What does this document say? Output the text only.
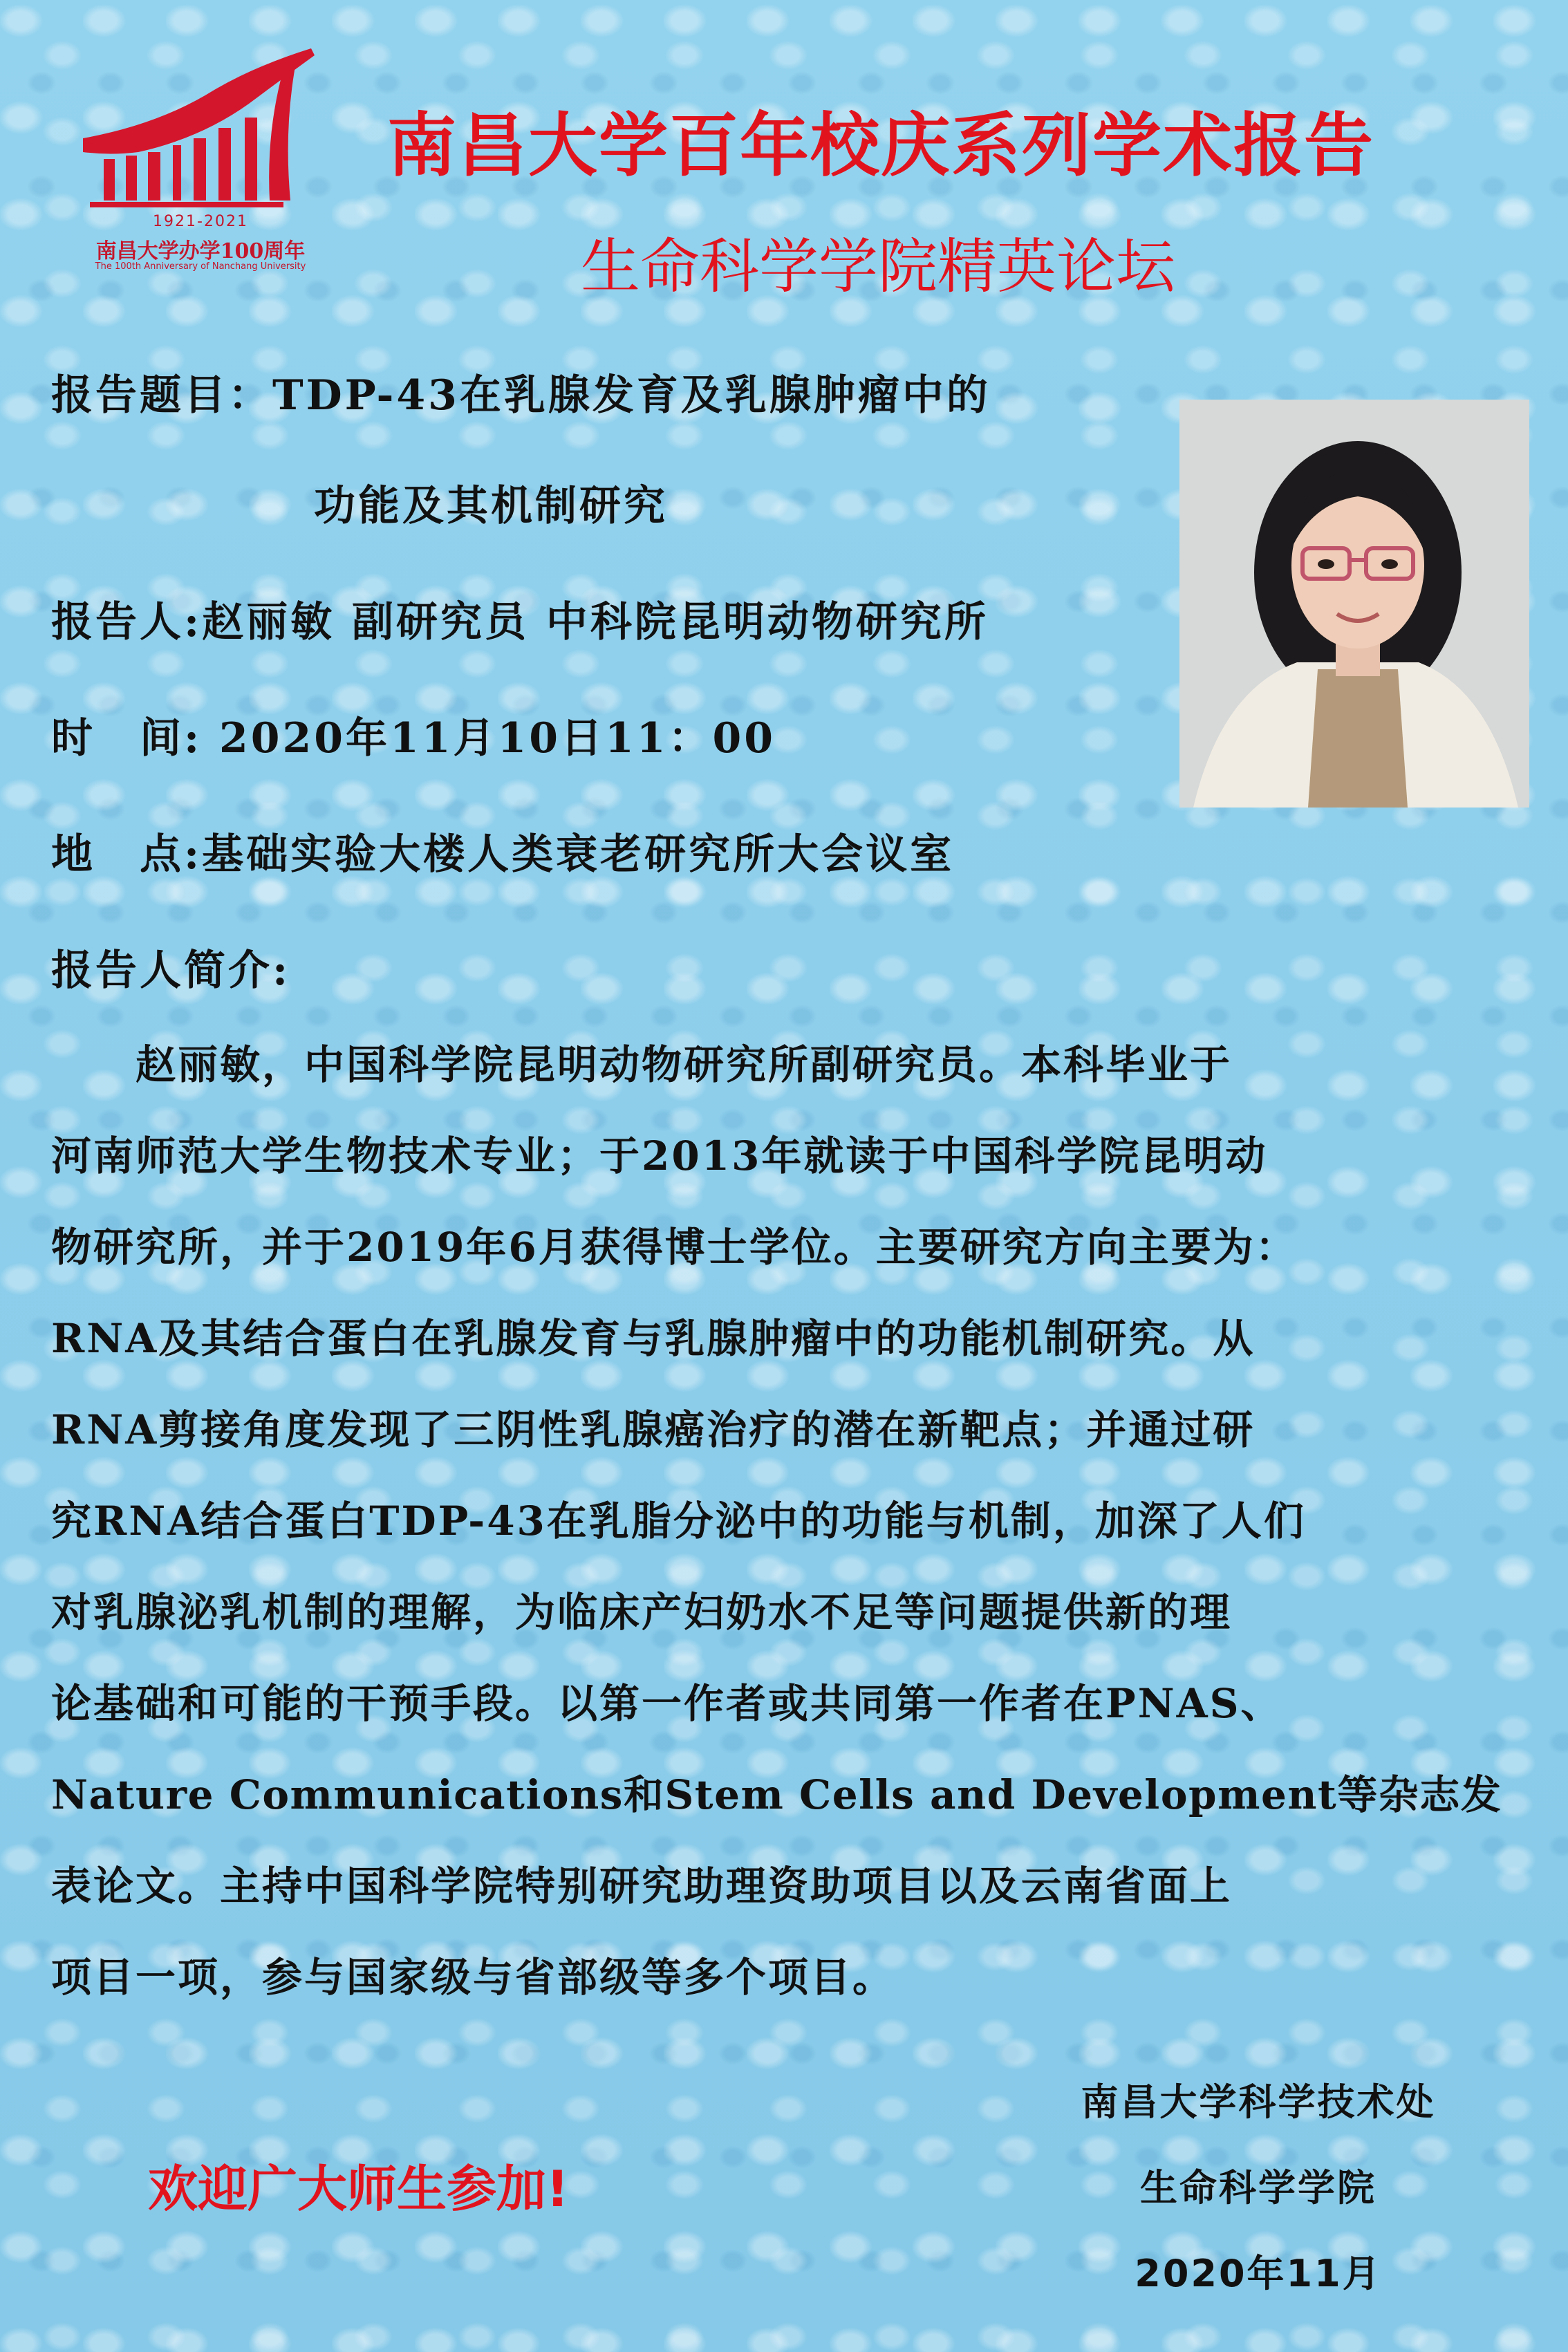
1921-2021
南昌大学办学100周年
The 100th Anniversary of Nanchang University
南昌大学百年校庆系列学术报告
生命科学学院精英论坛
报告题目：TDP-43在乳腺发育及乳腺肿瘤中的
功能及其机制研究
报告人:赵丽敏 副研究员 中科院昆明动物研究所
时　间: 2020年11月10日11：00
地　点:基础实验大楼人类衰老研究所大会议室
报告人简介:
　　赵丽敏，中国科学院昆明动物研究所副研究员。本科毕业于
河南师范大学生物技术专业；于2013年就读于中国科学院昆明动
物研究所，并于2019年6月获得博士学位。主要研究方向主要为：
RNA及其结合蛋白在乳腺发育与乳腺肿瘤中的功能机制研究。从
RNA剪接角度发现了三阴性乳腺癌治疗的潜在新靶点；并通过研
究RNA结合蛋白TDP-43在乳脂分泌中的功能与机制，加深了人们
对乳腺泌乳机制的理解，为临床产妇奶水不足等问题提供新的理
论基础和可能的干预手段。以第一作者或共同第一作者在PNAS、
Nature Communications和Stem Cells and Development等杂志发
表论文。主持中国科学院特别研究助理资助项目以及云南省面上
项目一项，参与国家级与省部级等多个项目。
欢迎广大师生参加!
南昌大学科学技术处
生命科学学院
2020年11月
